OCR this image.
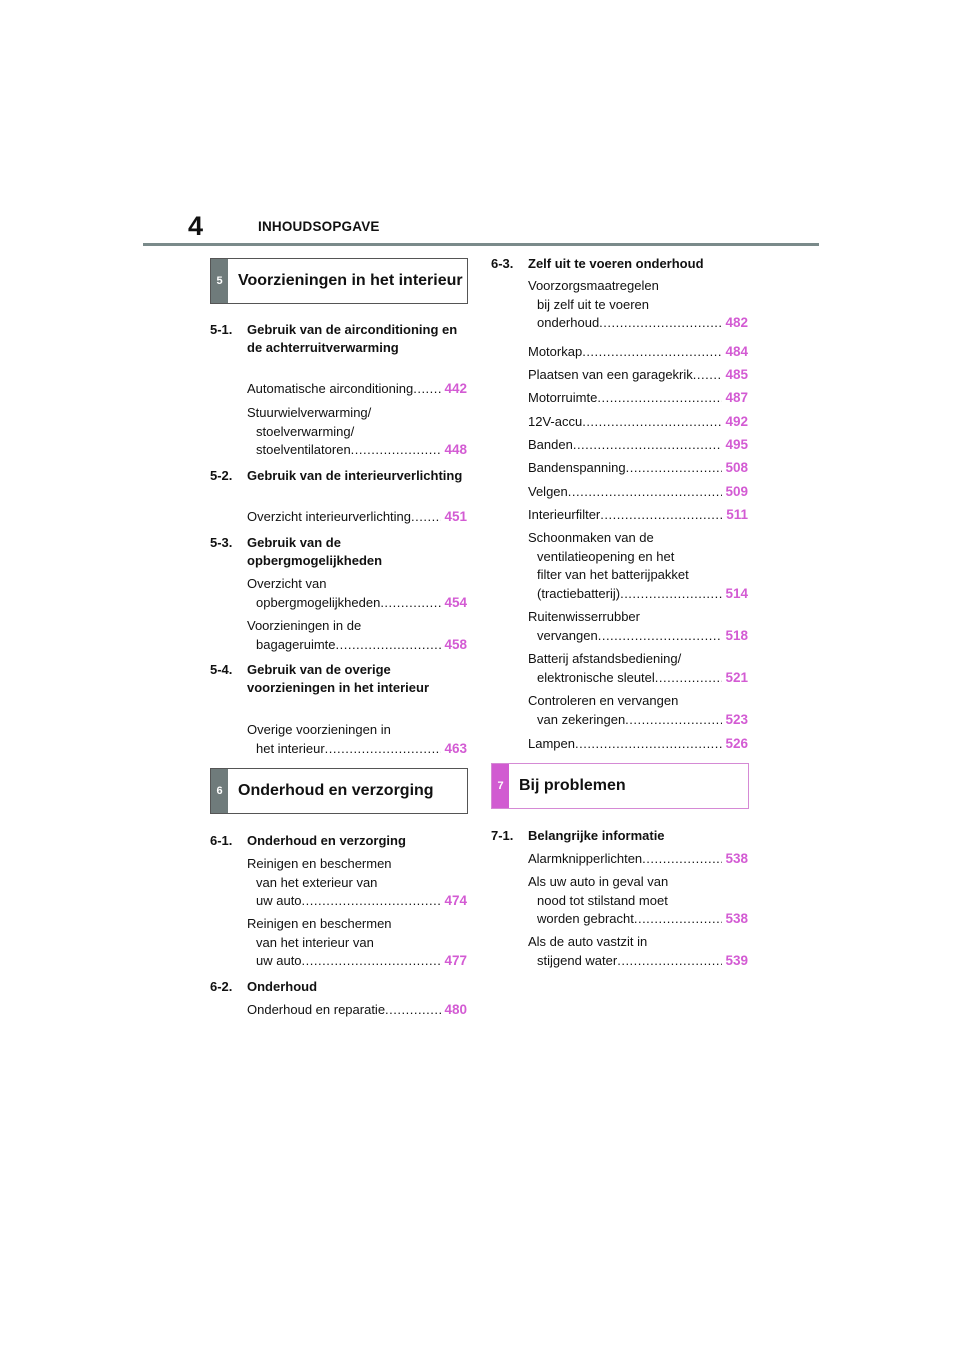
4	INHOUDSOPGAVE
5 Voorzieningen in het interieur
5-1.	Gebruik van de airconditioning en de achterruitverwarming
Automatische airconditioning ..... 442
Stuurwielverwarming/
stoelverwarming/
stoelventilatoren .....	448
5-2.	Gebruik van de interieurverlichting
Overzicht interieurverlichting ..... 451
5-3.	Gebruik van de opbergmogelijkheden
Overzicht van
opbergmogelijkheden .....	454
Voorzieningen in de
bagageruimte .....	458
5-4.	Gebruik van de overige voorzieningen in het interieur
Overige voorzieningen in
het interieur .....	463
6 Onderhoud en verzorging
6-1.	Onderhoud en verzorging
Reinigen en beschermen
van het exterieur van
uw auto .....	474
Reinigen en beschermen
van het interieur van
uw auto .....	477
6-2.	Onderhoud
Onderhoud en reparatie .....	480
6-3.	Zelf uit te voeren onderhoud
Voorzorgsmaatregelen
bij zelf uit te voeren
onderhoud .....	482
Motorkap .....	484
Plaatsen van een garagekrik ..... 485
Motorruimte .....	487
12V-accu .....	492
Banden .....	495
Bandenspanning .....	508
Velgen .....	509
Interieurfilter .....	511
Schoonmaken van de
ventilatieopening en het
filter van het batterijpakket
(tractiebatterij) .....	514
Ruitenwisserrubber
vervangen .....	518
Batterij afstandsbediening/
elektronische sleutel .....	521
Controleren en vervangen
van zekeringen .....	523
Lampen .....	526
7 Bij problemen
7-1.	Belangrijke informatie
Alarmknipperlichten .....	538
Als uw auto in geval van
nood tot stilstand moet
worden gebracht .....	538
Als de auto vastzit in
stijgend water .....	539
